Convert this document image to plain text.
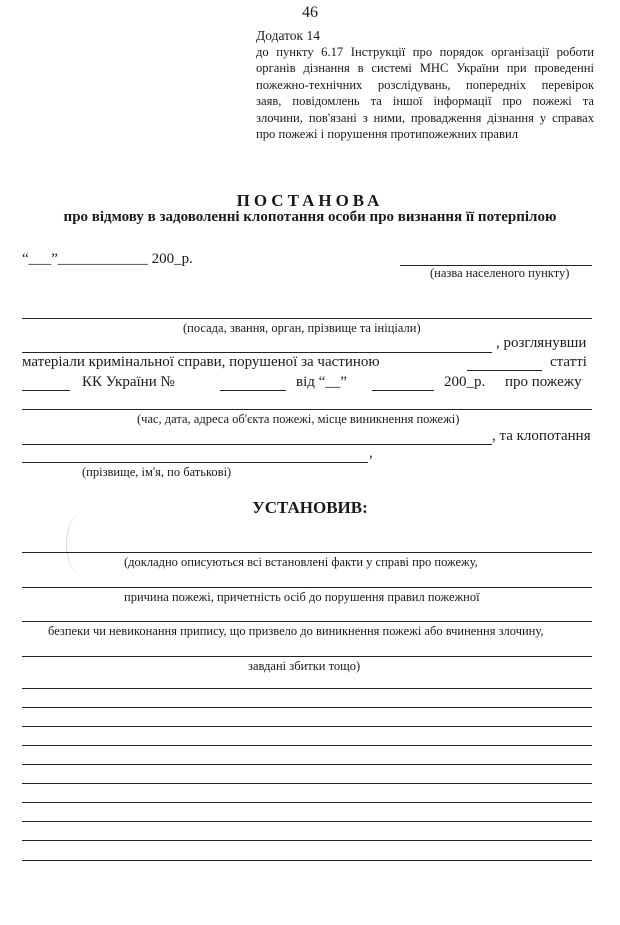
46
Додаток 14
до пункту 6.17 Інструкції про порядок організації роботи
органів дізнання в системі МНС України при проведенні
пожежно-технічних розслідувань, попередніх перевірок
заяв, повідомлень та іншої інформації про пожежі та
злочини, пов'язані з ними, провадження дізнання у справах
про пожежі і порушення протипожежних правил
ПОСТАНОВА
про відмову в задоволенні клопотання особи про визнання її потерпілою
“___”____________ 200_р.
(назва населеного пункту)
(посада, звання, орган, прізвище та ініціали)
, розглянувши
матеріали кримінальної справи, порушеної за частиною	статті
КК України №	від “__”	200_р. про пожежу
(час, дата, адреса об'єкта пожежі, місце виникнення пожежі)
, та клопотання
,
(прізвище, ім'я, по батькові)
УСТАНОВИВ:
(докладно описуються всі встановлені факти у справі про пожежу,
причина пожежі, причетність осіб до порушення правил пожежної
безпеки чи невиконання припису, що призвело до виникнення пожежі або вчинення злочину,
завдані збитки тощо)
